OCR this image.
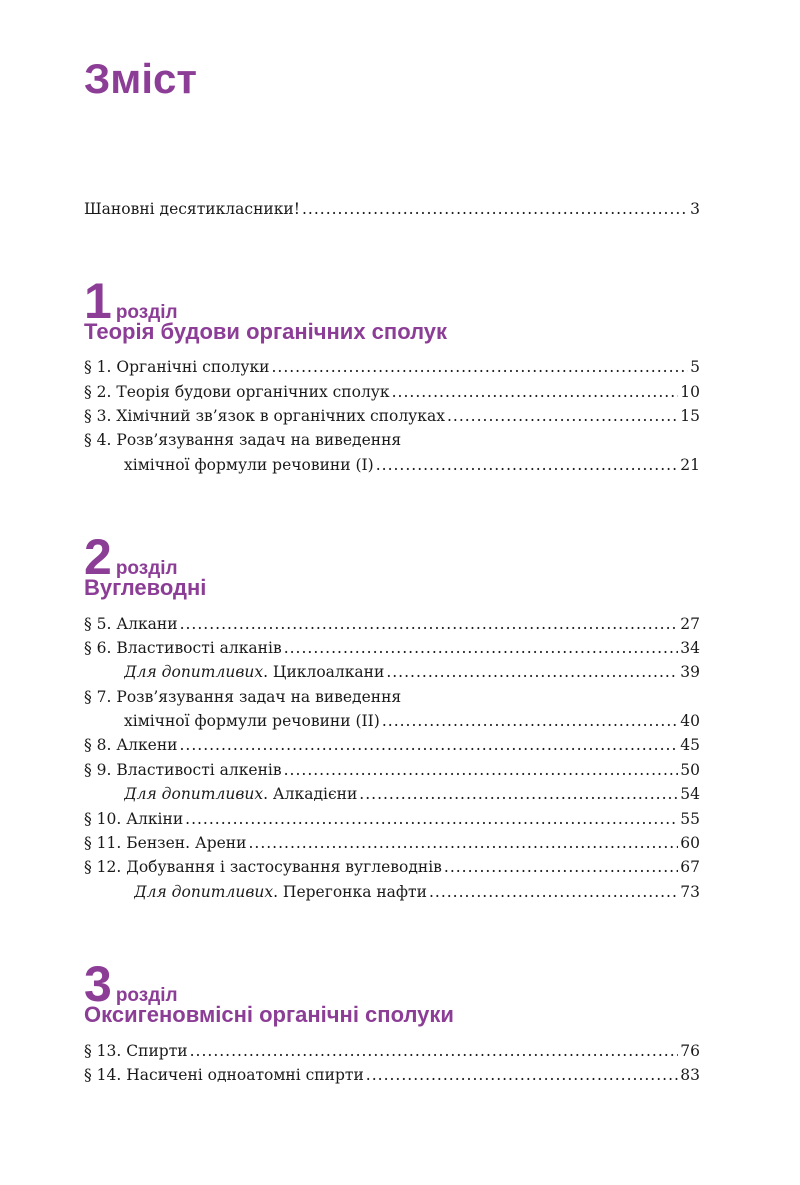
Зміст
Шановні десятикласники! .....	3
1 розділ
Теорія будови органічних сполук
§ 1. Органічні сполуки .....	5
§ 2. Теорія будови органічних сполук .....	10
§ 3. Хімічний зв’язок в органічних сполуках .....	15
§ 4. Розв’язування задач на виведення
хімічної формули речовини (І) .....	21
2 розділ
Вуглеводні
§ 5. Алкани .....	27
§ 6. Властивості алканів .....	34
Для допитливих. Циклоалкани .....	39
§ 7. Розв’язування задач на виведення
хімічної формули речовини (ІІ) .....	40
§ 8. Алкени .....	45
§ 9. Властивості алкенів .....	50
Для допитливих. Алкадієни .....	54
§ 10. Алкіни .....	55
§ 11. Бензен. Арени .....	60
§ 12. Добування і застосування вуглеводнів .....	67
Для допитливих. Перегонка нафти .....	73
3 розділ
Оксигеновмісні органічні сполуки
§ 13. Спирти .....	76
§ 14. Насичені одноатомні спирти .....	83
